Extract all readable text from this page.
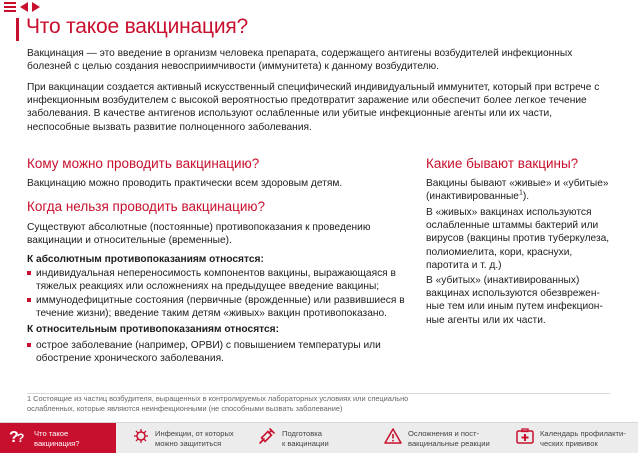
Что такое вакцинация?
Вакцинация — это введение в организм человека препарата, содержащего антигены возбудителей инфекционных болезней с целью создания невосприимчивости (иммунитета) к данному возбудителю.
При вакцинации создается активный искусственный специфический индивидуальный иммунитет, который при встрече с инфекционным возбудителем с высокой вероятностью предотвратит заражение или обеспечит более легкое течение заболевания. В качестве антигенов используют ослабленные или убитые инфекционные агенты или их части, неспособные вызвать развитие полноценного заболевания.
Кому можно проводить вакцинацию?
Вакцинацию можно проводить практически всем здоровым детям.
Когда нельзя проводить вакцинацию?
Существуют абсолютные (постоянные) противопоказания к проведению вакцинации и относительные (временные).
К абсолютным противопоказаниям относятся:
индивидуальная непереносимость компонентов вакцины, выражающаяся в тяжелых реакциях или осложнениях на предыдущее введение вакцины;
иммунодефицитные состояния (первичные (врожденные) или развившиеся в течение жизни); введение таким детям «живых» вакцин противопоказано.
К относительным противопоказаниям относятся:
острое заболевание (например, ОРВИ) с повышением температуры или обострение хронического заболевания.
Какие бывают вакцины?
Вакцины бывают «живые» и «убитые» (инактивированные$^1$).
В «живых» вакцинах используются ослабленные штаммы бактерий или вирусов (вакцины против туберкулеза, полиомиелита, кори, краснухи, паротита и т. д.)
В «убитых» (инактивированных) вакцинах используются обезвреженные тем или иным путем инфекционные агенты или их части.
1 Состоящие из частиц возбудителя, выращенных в контролируемых лабораторных условиях или специально ослабленных, которые являются неинфекционными (не способными вызвать заболевание)
?
? Что такое
вакцинация?
Инфекции, от которых
можно защититься
Подготовка
к вакцинации
Осложнения и пост-
вакцинальные реакции
Календарь профилакти-
ческих прививок
